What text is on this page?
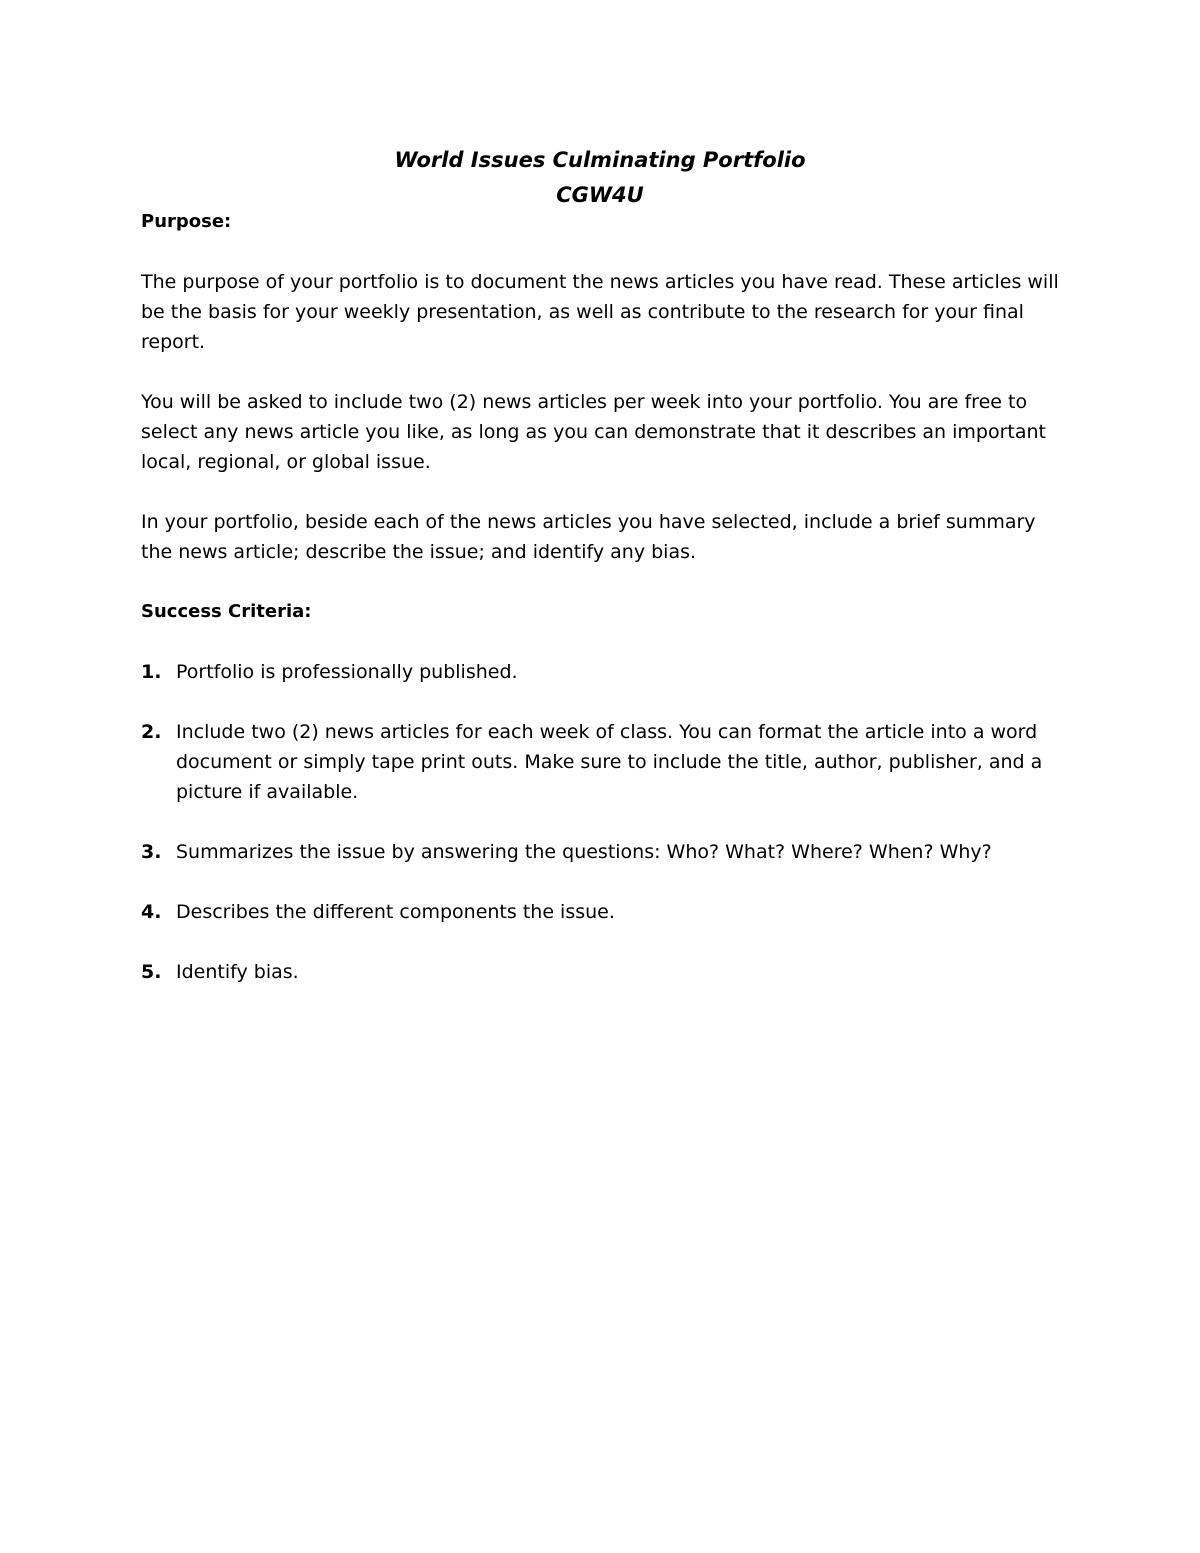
World Issues Culminating Portfolio

CGW4U

Purpose:

The purpose of your portfolio is to document the news articles you have read. These articles will be the basis for your weekly presentation, as well as contribute to the research for your final report.

You will be asked to include two (2) news articles per week into your portfolio. You are free to select any news article you like, as long as you can demonstrate that it describes an important local, regional, or global issue.

In your portfolio, beside each of the news articles you have selected, include a brief summary the news article; describe the issue; and identify any bias.

Success Criteria:

1. Portfolio is professionally published.
2. Include two (2) news articles for each week of class. You can format the article into a word document or simply tape print outs. Make sure to include the title, author, publisher, and a picture if available.
3. Summarizes the issue by answering the questions: Who? What? Where? When? Why?
4. Describes the different components the issue.
5. Identify bias.
